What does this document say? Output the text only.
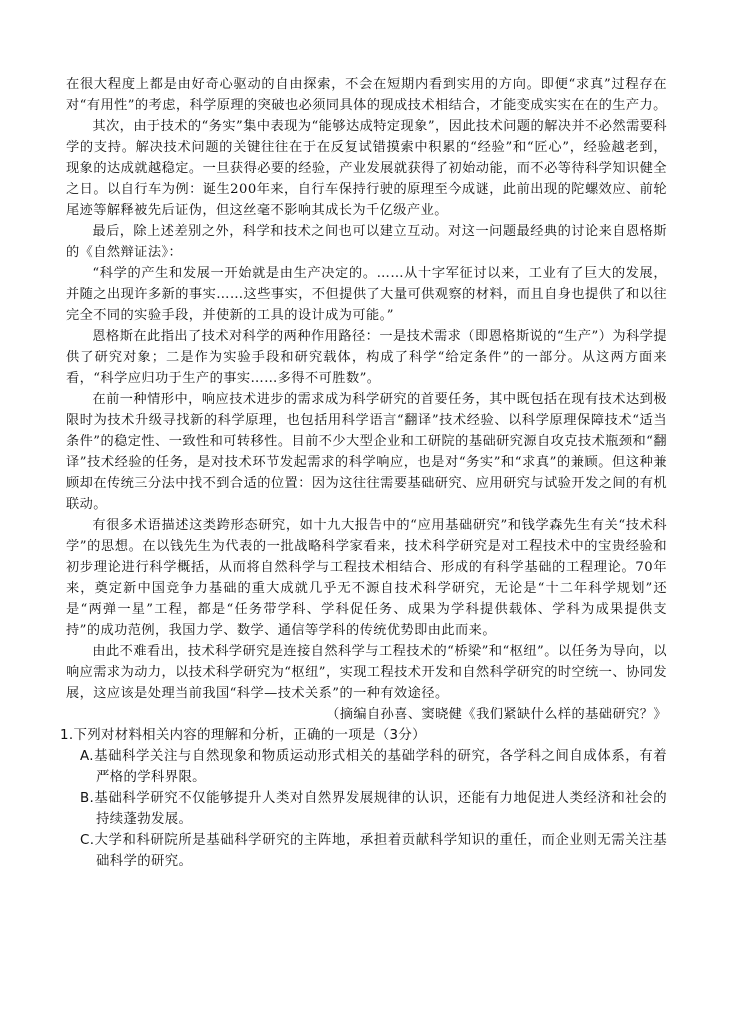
在很大程度上都是由好奇心驱动的自由探索，不会在短期内看到实用的方向。即便“求真”过程存在对“有用性”的考虑，科学原理的突破也必须同具体的现成技术相结合，才能变成实实在在的生产力。

其次，由于技术的“务实”集中表现为“能够达成特定现象”，因此技术问题的解决并不必然需要科学的支持。解决技术问题的关键往往在于在反复试错摸索中积累的“经验”和“匠心”，经验越老到，现象的达成就越稳定。一旦获得必要的经验，产业发展就获得了初始动能，而不必等待科学知识健全之日。以自行车为例：诞生200年来，自行车保持行驶的原理至今成谜，此前出现的陀螺效应、前轮尾迹等解释被先后证伪，但这丝毫不影响其成长为千亿级产业。

最后，除上述差别之外，科学和技术之间也可以建立互动。对这一问题最经典的讨论来自恩格斯的《自然辩证法》：

“科学的产生和发展一开始就是由生产决定的。……从十字军征讨以来，工业有了巨大的发展，并随之出现许多新的事实……这些事实，不但提供了大量可供观察的材料，而且自身也提供了和以往完全不同的实验手段，并使新的工具的设计成为可能。”

恩格斯在此指出了技术对科学的两种作用路径：一是技术需求（即恩格斯说的“生产”）为科学提供了研究对象；二是作为实验手段和研究载体，构成了科学“给定条件”的一部分。从这两方面来看，“科学应归功于生产的事实……多得不可胜数”。

在前一种情形中，响应技术进步的需求成为科学研究的首要任务，其中既包括在现有技术达到极限时为技术升级寻找新的科学原理，也包括用科学语言“翻译”技术经验、以科学原理保障技术“适当条件”的稳定性、一致性和可转移性。目前不少大型企业和工研院的基础研究源自攻克技术瓶颈和“翻译”技术经验的任务，是对技术环节发起需求的科学响应，也是对“务实”和“求真”的兼顾。但这种兼顾却在传统三分法中找不到合适的位置：因为这往往需要基础研究、应用研究与试验开发之间的有机联动。

有很多术语描述这类跨形态研究，如十九大报告中的“应用基础研究”和钱学森先生有关“技术科学”的思想。在以钱先生为代表的一批战略科学家看来，技术科学研究是对工程技术中的宝贵经验和初步理论进行科学概括，从而将自然科学与工程技术相结合、形成的有科学基础的工程理论。70年来，奠定新中国竞争力基础的重大成就几乎无不源自技术科学研究，无论是“十二年科学规划”还是“两弹一星”工程，都是“任务带学科、学科促任务、成果为学科提供载体、学科为成果提供支持”的成功范例，我国力学、数学、通信等学科的传统优势即由此而来。

由此不难看出，技术科学研究是连接自然科学与工程技术的“桥梁”和“枢纽”。以任务为导向，以响应需求为动力，以技术科学研究为“枢纽”，实现工程技术开发和自然科学研究的时空统一、协同发展，这应该是处理当前我国“科学—技术关系”的一种有效途径。

（摘编自孙喜、窦晓健《我们紧缺什么样的基础研究？》

1.下列对材料相关内容的理解和分析，正确的一项是（3分）

A.基础科学关注与自然现象和物质运动形式相关的基础学科的研究，各学科之间自成体系，有着严格的学科界限。

B.基础科学研究不仅能够提升人类对自然界发展规律的认识，还能有力地促进人类经济和社会的持续蓬勃发展。

C.大学和科研院所是基础科学研究的主阵地，承担着贡献科学知识的重任，而企业则无需关注基础科学的研究。
